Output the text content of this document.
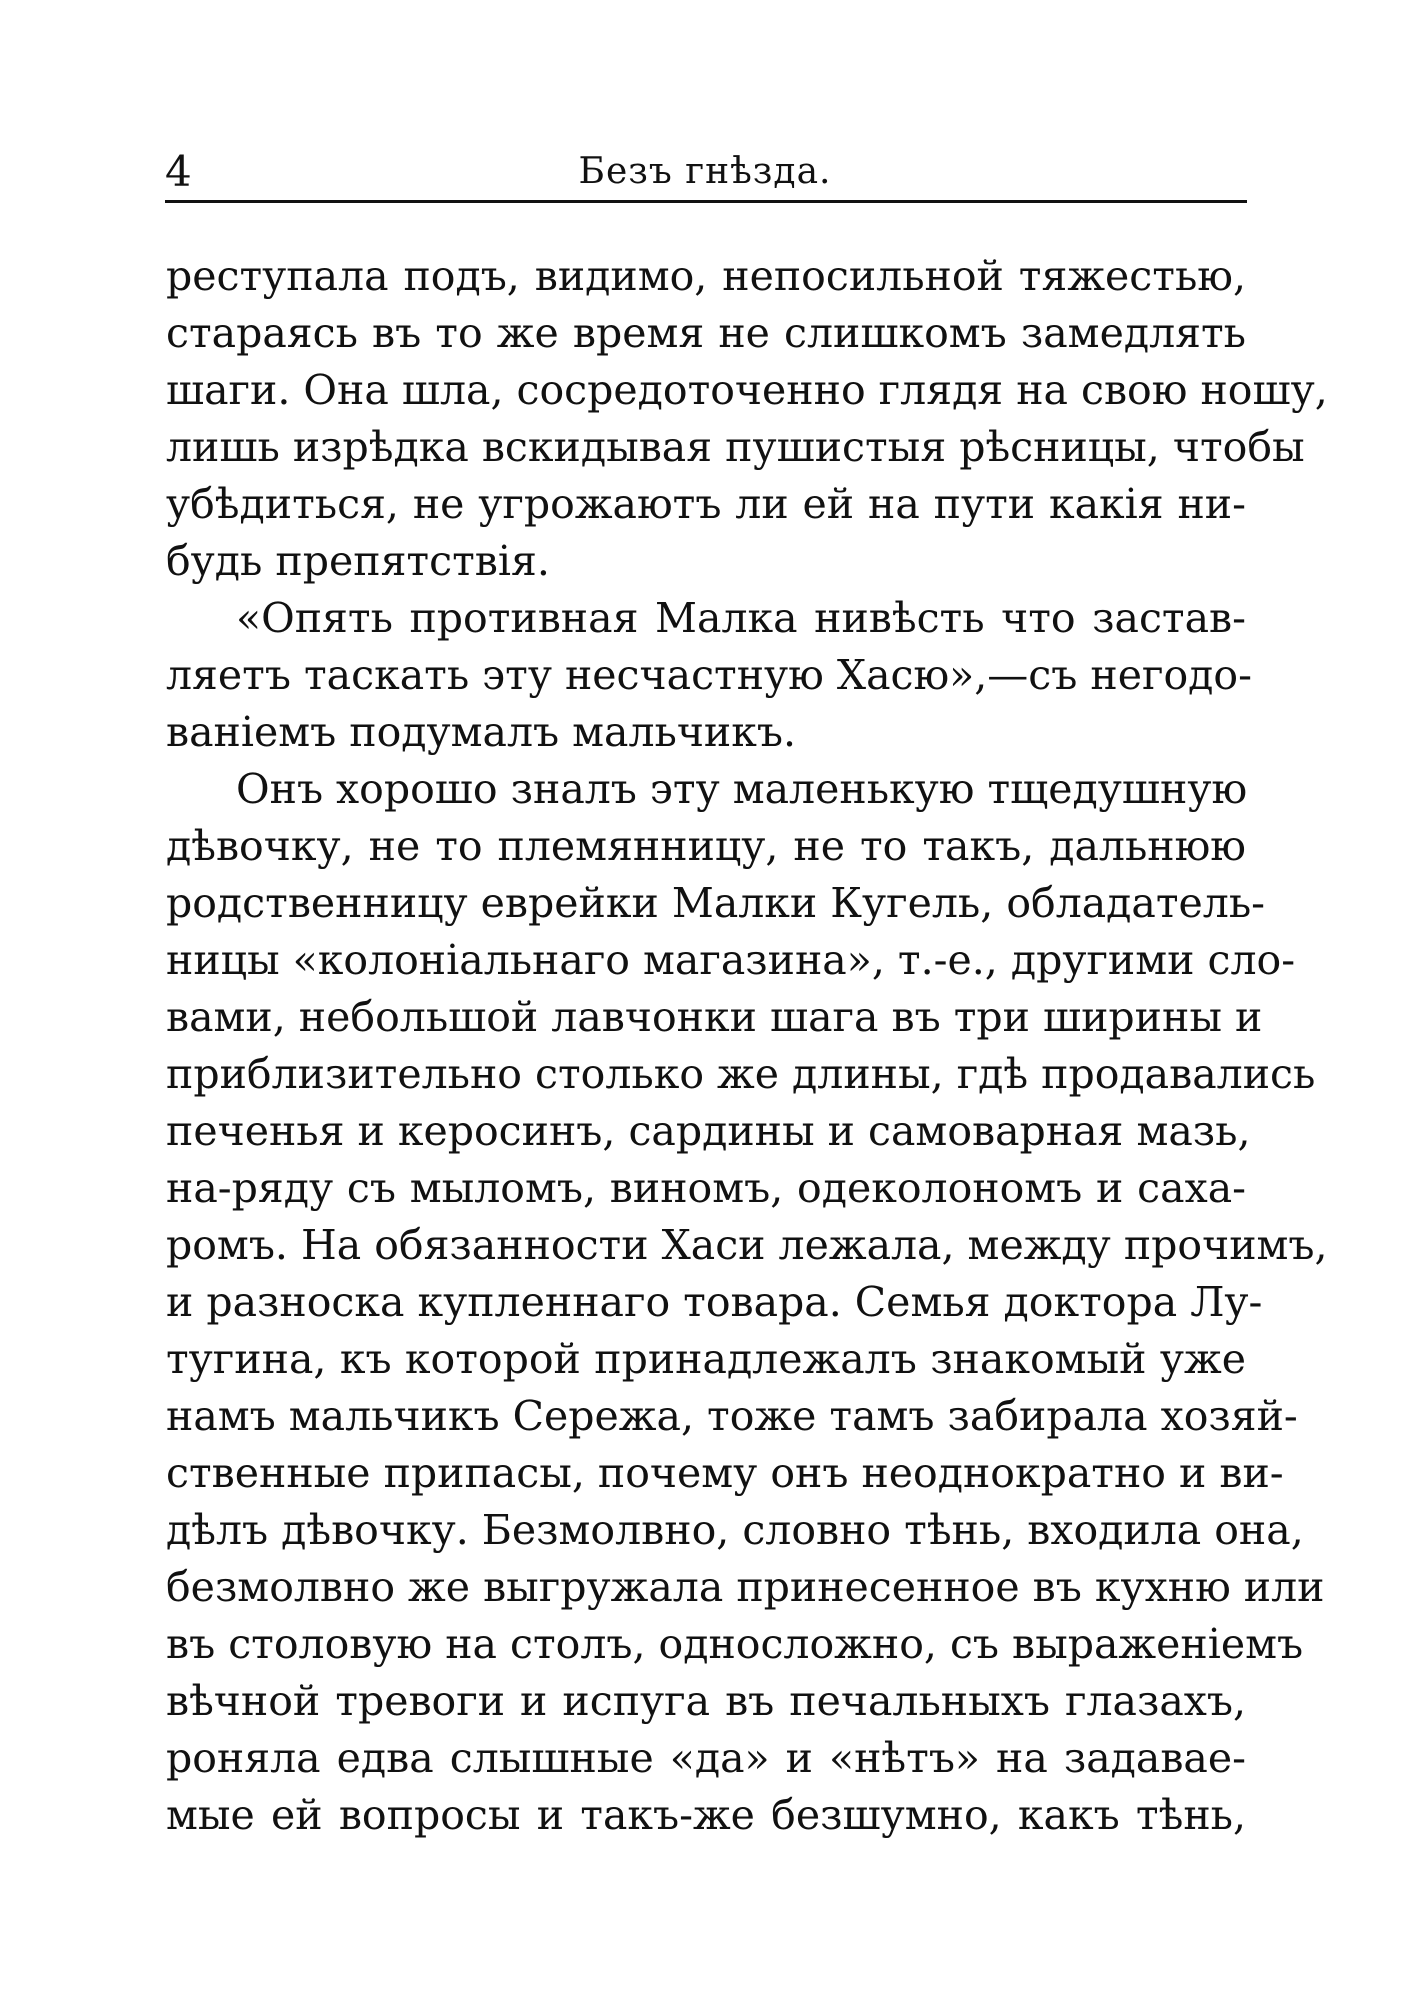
4	Безъ гнѣзда.
реступала подъ, видимо, непосильной тяжестью,
стараясь въ то же время не слишкомъ замедлять
шаги. Она шла, сосредоточенно глядя на свою ношу,
лишь изрѣдка вскидывая пушистыя рѣсницы, чтобы
убѣдиться, не угрожаютъ ли ей на пути какія ни-
будь препятствія.
«Опять противная Малка нивѣсть что застав-
ляетъ таскать эту несчастную Хасю»,—съ негодо-
ваніемъ подумалъ мальчикъ.
Онъ хорошо зналъ эту маленькую тщедушную
дѣвочку, не то племянницу, не то такъ, дальнюю
родственницу еврейки Малки Кугель, обладатель-
ницы «колоніальнаго магазина», т.-е., другими сло-
вами, небольшой лавчонки шага въ три ширины и
приблизительно столько же длины, гдѣ продавались
печенья и керосинъ, сардины и самоварная мазь,
на-ряду съ мыломъ, виномъ, одеколономъ и саха-
ромъ. На обязанности Хаси лежала, между прочимъ,
и разноска купленнаго товара. Семья доктора Лу-
тугина, къ которой принадлежалъ знакомый уже
намъ мальчикъ Сережа, тоже тамъ забирала хозяй-
ственные припасы, почему онъ неоднократно и ви-
дѣлъ дѣвочку. Безмолвно, словно тѣнь, входила она,
безмолвно же выгружала принесенное въ кухню или
въ столовую на столъ, односложно, съ выраженіемъ
вѣчной тревоги и испуга въ печальныхъ глазахъ,
роняла едва слышные «да» и «нѣтъ» на задавае-
мые ей вопросы и такъ-же безшумно, какъ тѣнь,
